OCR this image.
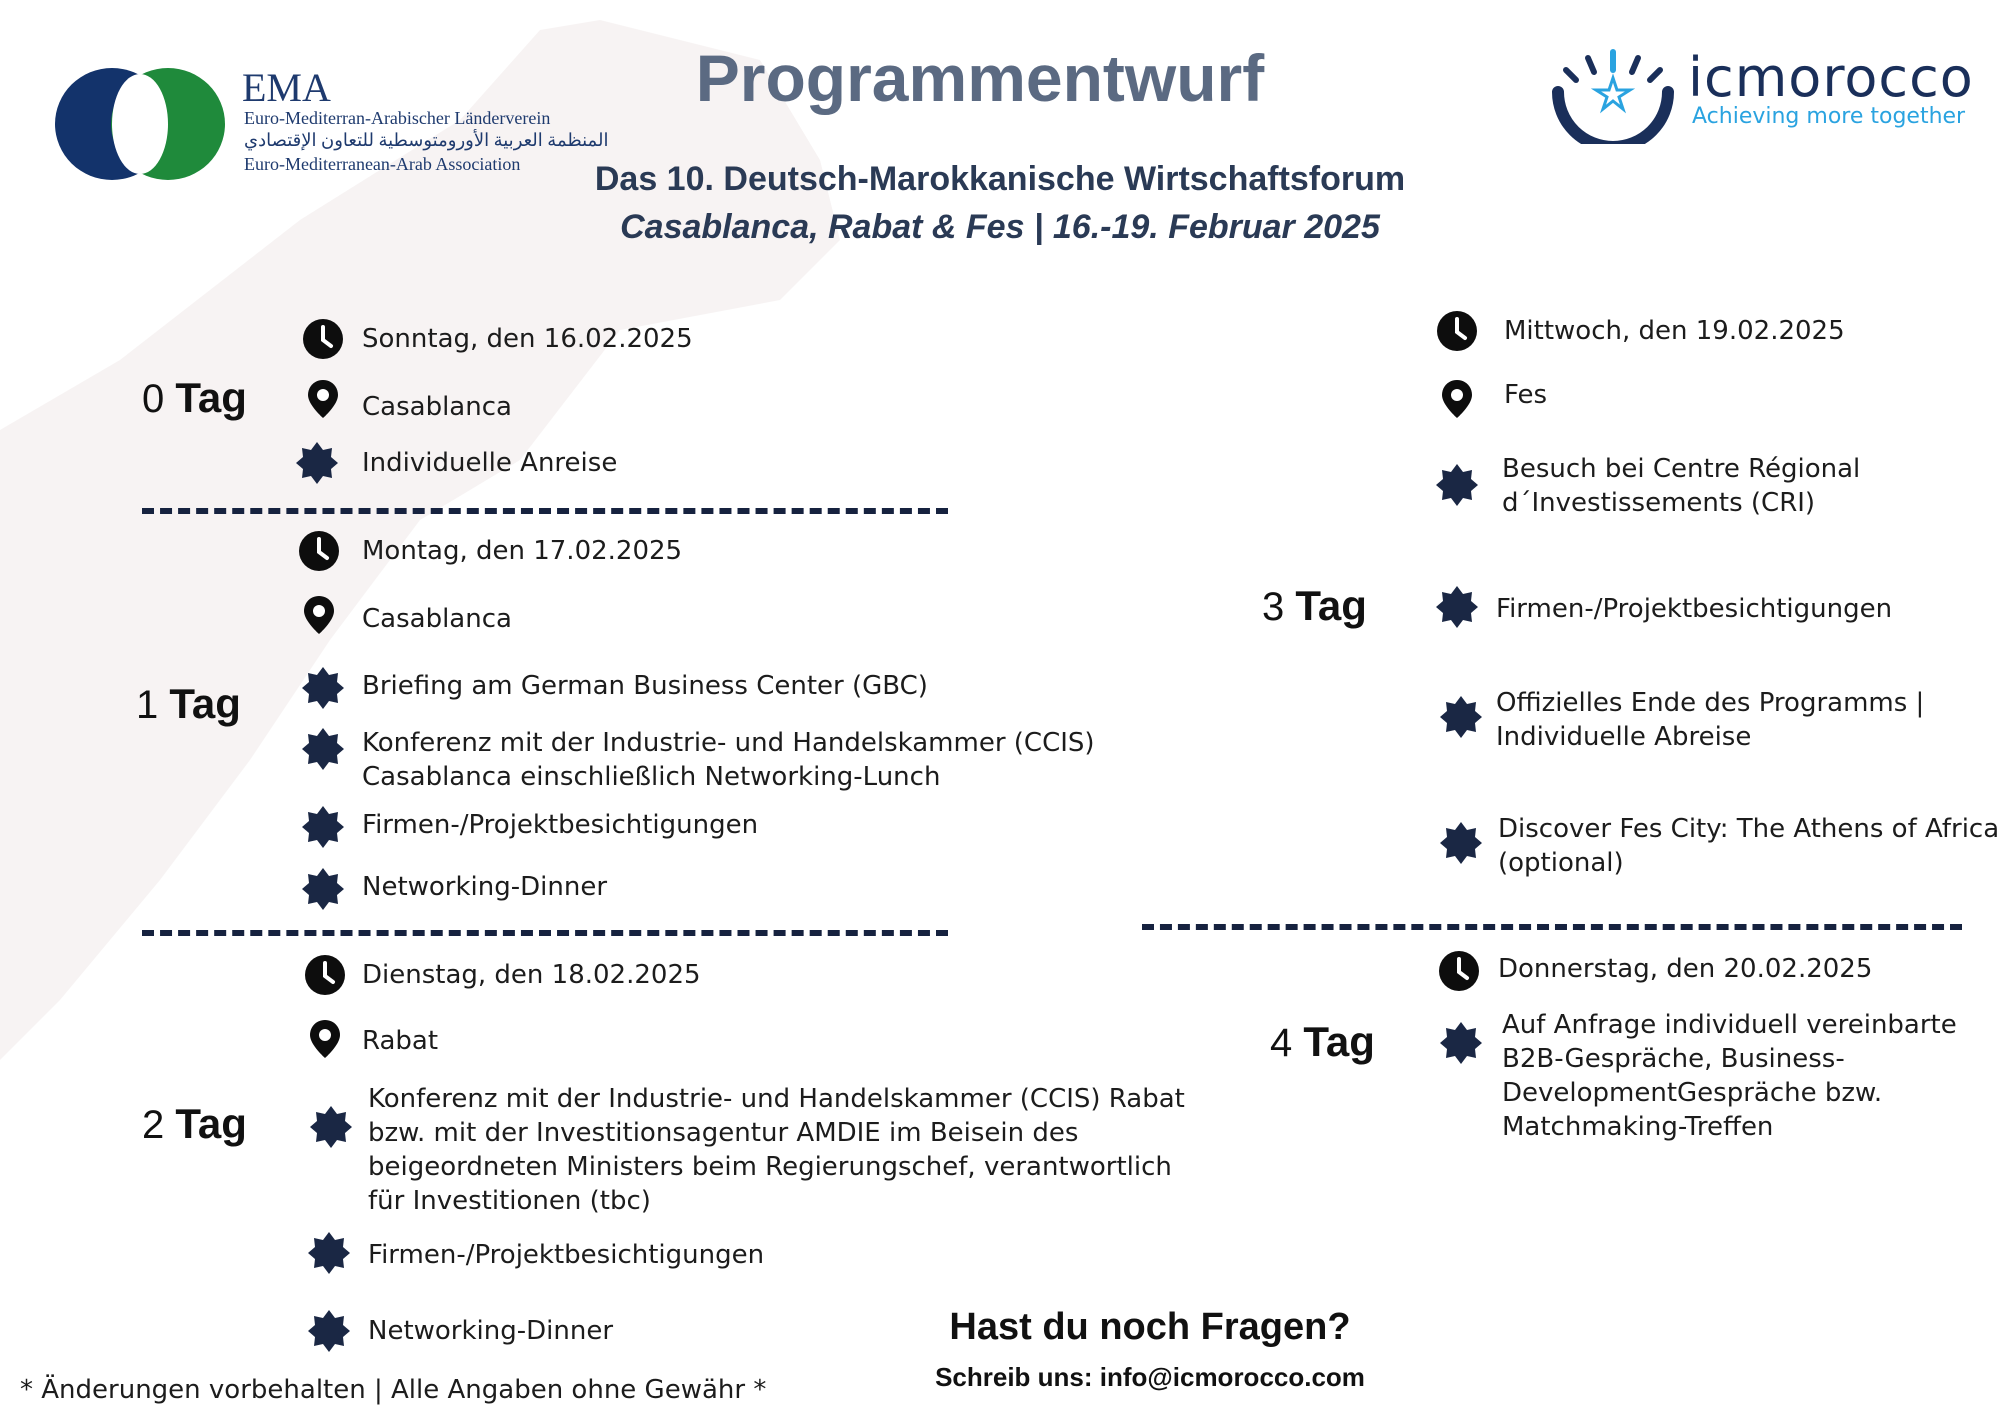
EMA
Euro-Mediterran-Arabischer Länderverein
المنظمة العربية الأورومتوسطية للتعاون الإقتصادي
Euro-Mediterranean-Arab Association
Programmentwurf
Das 10. Deutsch-Marokkanische Wirtschaftsforum
Casablanca, Rabat & Fes | 16.-19. Februar 2025
icmorocco
Achieving more together
0 Tag
Sonntag, den 16.02.2025
Casablanca
Individuelle Anreise
1 Tag
Montag, den 17.02.2025
Casablanca
Briefing am German Business Center (GBC)
Konferenz mit der Industrie- und Handelskammer (CCIS)
Casablanca einschließlich Networking-Lunch
Firmen-/Projektbesichtigungen
Networking-Dinner
2 Tag
Dienstag, den 18.02.2025
Rabat
Konferenz mit der Industrie- und Handelskammer (CCIS) Rabat
bzw. mit der Investitionsagentur AMDIE im Beisein des
beigeordneten Ministers beim Regierungschef, verantwortlich
für Investitionen (tbc)
Firmen-/Projektbesichtigungen
Networking-Dinner
3 Tag
Mittwoch, den 19.02.2025
Fes
Besuch bei Centre Régional
d´Investissements (CRI)
Firmen-/Projektbesichtigungen
Offizielles Ende des Programms |
Individuelle Abreise
Discover Fes City: The Athens of Africa
(optional)
4 Tag
Donnerstag, den 20.02.2025
Auf Anfrage individuell vereinbarte
B2B-Gespräche, Business-
DevelopmentGespräche bzw.
Matchmaking-Treffen
Hast du noch Fragen?
Schreib uns: info@icmorocco.com
* Änderungen vorbehalten | Alle Angaben ohne Gewähr *
